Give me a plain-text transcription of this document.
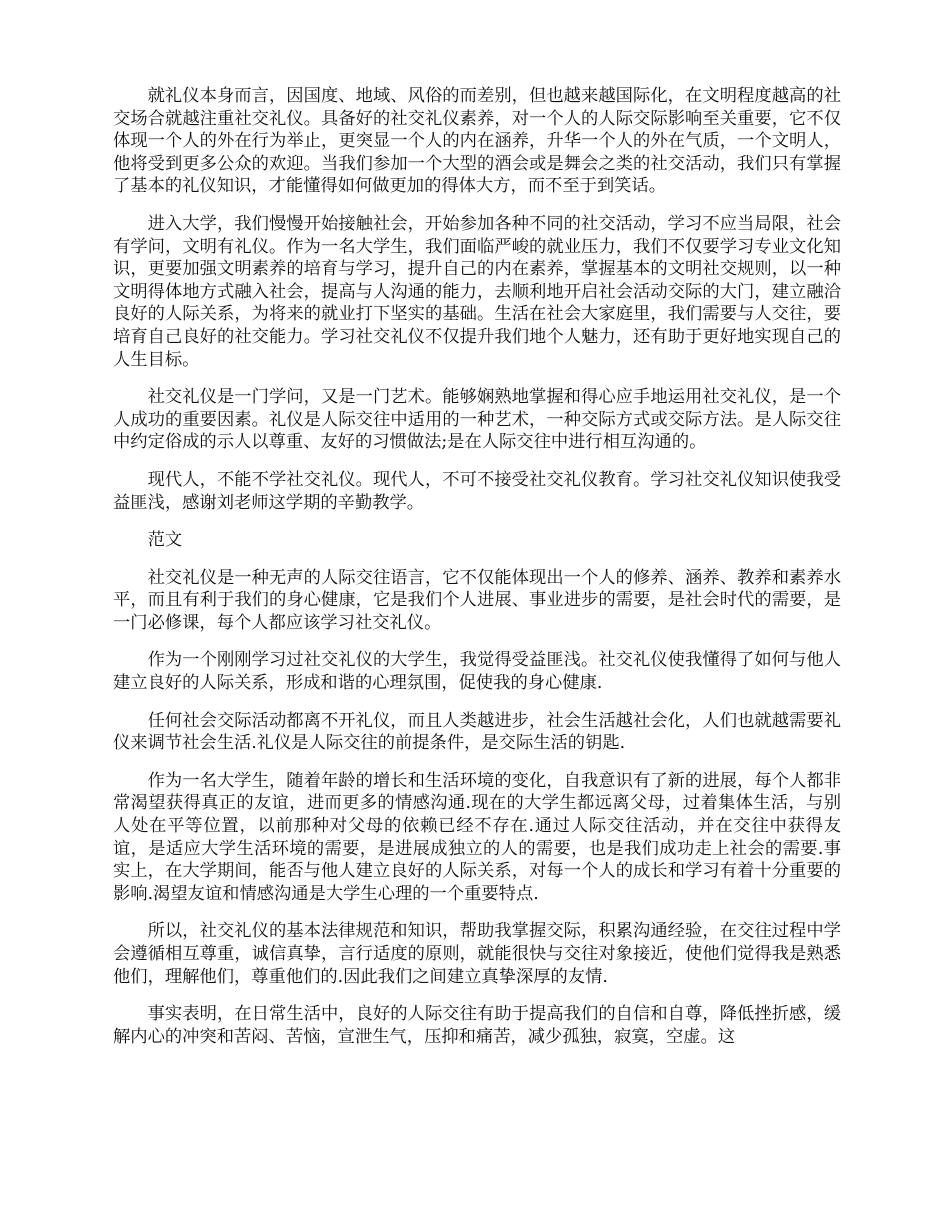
就礼仪本身而言，因国度、地域、风俗的而差别，但也越来越国际化，在文明程度越高的社交场合就越注重社交礼仪。具备好的社交礼仪素养，对一个人的人际交际影响至关重要，它不仅体现一个人的外在行为举止，更突显一个人的内在涵养，升华一个人的外在气质，一个文明人，他将受到更多公众的欢迎。当我们参加一个大型的酒会或是舞会之类的社交活动，我们只有掌握了基本的礼仪知识，才能懂得如何做更加的得体大方，而不至于到笑话。

进入大学，我们慢慢开始接触社会，开始参加各种不同的社交活动，学习不应当局限，社会有学问，文明有礼仪。作为一名大学生，我们面临严峻的就业压力，我们不仅要学习专业文化知识，更要加强文明素养的培育与学习，提升自己的内在素养，掌握基本的文明社交规则，以一种文明得体地方式融入社会，提高与人沟通的能力，去顺利地开启社会活动交际的大门，建立融洽良好的人际关系，为将来的就业打下坚实的基础。生活在社会大家庭里，我们需要与人交往，要培育自己良好的社交能力。学习社交礼仪不仅提升我们地个人魅力，还有助于更好地实现自己的人生目标。

社交礼仪是一门学问，又是一门艺术。能够娴熟地掌握和得心应手地运用社交礼仪，是一个人成功的重要因素。礼仪是人际交往中适用的一种艺术，一种交际方式或交际方法。是人际交往中约定俗成的示人以尊重、友好的习惯做法;是在人际交往中进行相互沟通的。

现代人，不能不学社交礼仪。现代人，不可不接受社交礼仪教育。学习社交礼仪知识使我受益匪浅，感谢刘老师这学期的辛勤教学。

范文

社交礼仪是一种无声的人际交往语言，它不仅能体现出一个人的修养、涵养、教养和素养水平，而且有利于我们的身心健康，它是我们个人进展、事业进步的需要，是社会时代的需要，是一门必修课，每个人都应该学习社交礼仪。

作为一个刚刚学习过社交礼仪的大学生，我觉得受益匪浅。社交礼仪使我懂得了如何与他人建立良好的人际关系，形成和谐的心理氛围，促使我的身心健康.

任何社会交际活动都离不开礼仪，而且人类越进步，社会生活越社会化，人们也就越需要礼仪来调节社会生活.礼仪是人际交往的前提条件，是交际生活的钥匙.

作为一名大学生，随着年龄的增长和生活环境的变化，自我意识有了新的进展，每个人都非常渴望获得真正的友谊，进而更多的情感沟通.现在的大学生都远离父母，过着集体生活，与别人处在平等位置，以前那种对父母的依赖已经不存在.通过人际交往活动，并在交往中获得友谊，是适应大学生活环境的需要，是进展成独立的人的需要，也是我们成功走上社会的需要.事实上，在大学期间，能否与他人建立良好的人际关系，对每一个人的成长和学习有着十分重要的影响.渴望友谊和情感沟通是大学生心理的一个重要特点.

所以，社交礼仪的基本法律规范和知识，帮助我掌握交际，积累沟通经验，在交往过程中学会遵循相互尊重，诚信真挚，言行适度的原则，就能很快与交往对象接近，使他们觉得我是熟悉他们，理解他们，尊重他们的.因此我们之间建立真挚深厚的友情.

事实表明，在日常生活中，良好的人际交往有助于提高我们的自信和自尊，降低挫折感，缓解内心的冲突和苦闷、苦恼，宣泄生气，压抑和痛苦，减少孤独，寂寞，空虚。这
